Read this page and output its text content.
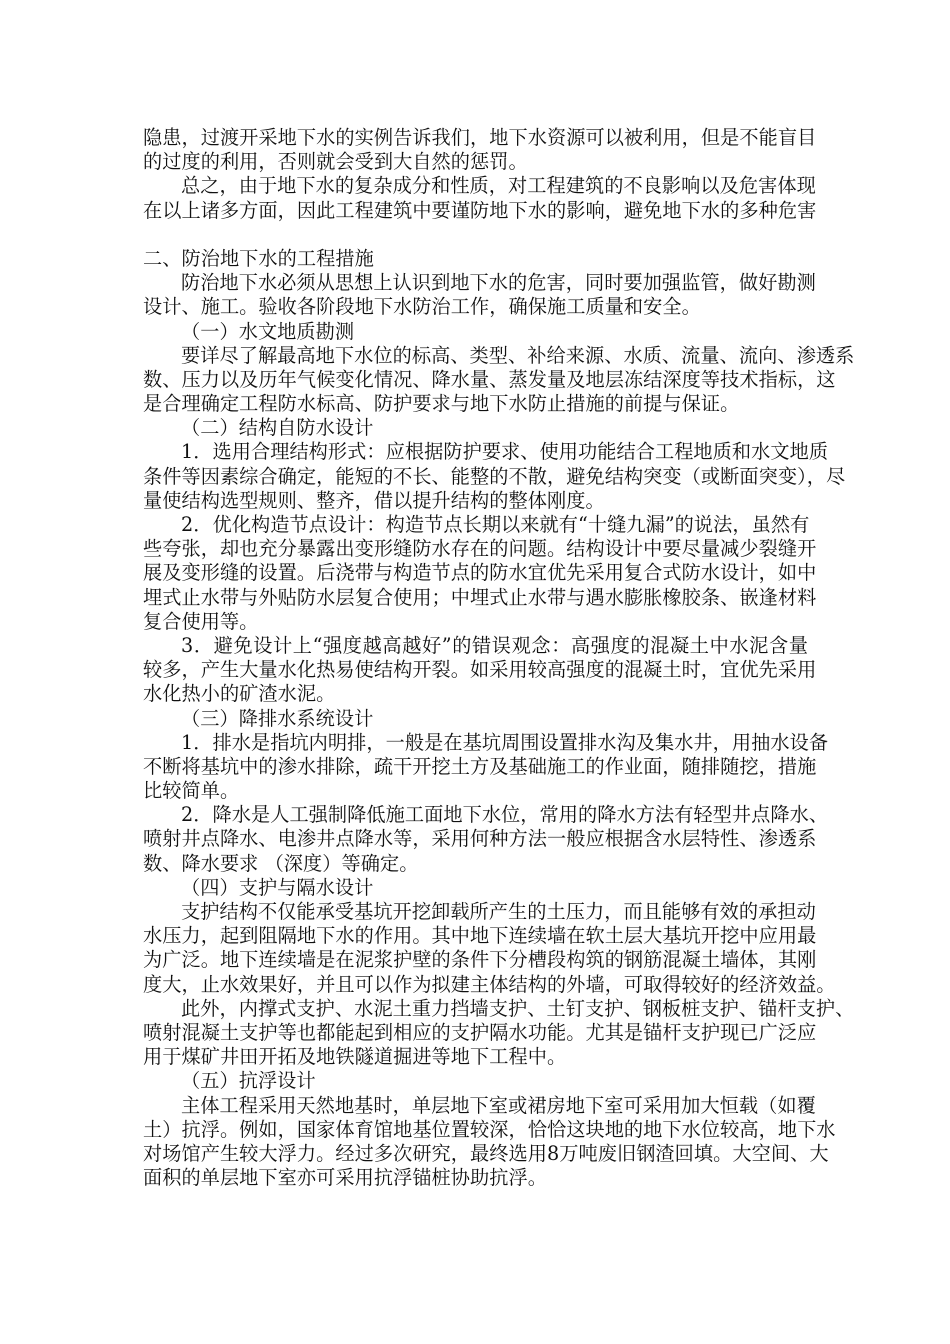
隐患，过渡开采地下水的实例告诉我们，地下水资源可以被利用，但是不能盲目
的过度的利用，否则就会受到大自然的惩罚。
总之，由于地下水的复杂成分和性质，对工程建筑的不良影响以及危害体现
在以上诸多方面，因此工程建筑中要谨防地下水的影响，避免地下水的多种危害
二、防治地下水的工程措施
防治地下水必须从思想上认识到地下水的危害，同时要加强监管，做好勘测
设计、施工。验收各阶段地下水防治工作，确保施工质量和安全。
（一）水文地质勘测
要详尽了解最高地下水位的标高、类型、补给来源、水质、流量、流向、渗透系
数、压力以及历年气候变化情况、降水量、蒸发量及地层冻结深度等技术指标，这
是合理确定工程防水标高、防护要求与地下水防止措施的前提与保证。
（二）结构自防水设计
1．选用合理结构形式：应根据防护要求、使用功能结合工程地质和水文地质
条件等因素综合确定，能短的不长、能整的不散，避免结构突变（或断面突变），尽
量使结构选型规则、整齐，借以提升结构的整体刚度。
2．优化构造节点设计：构造节点长期以来就有“十缝九漏”的说法，虽然有
些夸张，却也充分暴露出变形缝防水存在的问题。结构设计中要尽量减少裂缝开
展及变形缝的设置。后浇带与构造节点的防水宜优先采用复合式防水设计，如中
埋式止水带与外贴防水层复合使用；中埋式止水带与遇水膨胀橡胶条、嵌逢材料
复合使用等。
3．避免设计上“强度越高越好”的错误观念：高强度的混凝土中水泥含量
较多，产生大量水化热易使结构开裂。如采用较高强度的混凝土时，宜优先采用
水化热小的矿渣水泥。
（三）降排水系统设计
1．排水是指坑内明排，一般是在基坑周围设置排水沟及集水井，用抽水设备
不断将基坑中的渗水排除，疏干开挖土方及基础施工的作业面，随排随挖，措施
比较简单。
2．降水是人工强制降低施工面地下水位，常用的降水方法有轻型井点降水、
喷射井点降水、电渗井点降水等，采用何种方法一般应根据含水层特性、渗透系
数、降水要求 （深度）等确定。
（四）支护与隔水设计
支护结构不仅能承受基坑开挖卸载所产生的土压力，而且能够有效的承担动
水压力，起到阻隔地下水的作用。其中地下连续墙在软土层大基坑开挖中应用最
为广泛。地下连续墙是在泥浆护壁的条件下分槽段构筑的钢筋混凝土墙体，其刚
度大，止水效果好，并且可以作为拟建主体结构的外墙，可取得较好的经济效益。
此外，内撑式支护、水泥土重力挡墙支护、土钉支护、钢板桩支护、锚杆支护、
喷射混凝土支护等也都能起到相应的支护隔水功能。尤其是锚杆支护现已广泛应
用于煤矿井田开拓及地铁隧道掘进等地下工程中。
（五）抗浮设计
主体工程采用天然地基时，单层地下室或裙房地下室可采用加大恒载（如覆
土）抗浮。例如，国家体育馆地基位置较深，恰恰这块地的地下水位较高，地下水
对场馆产生较大浮力。经过多次研究，最终选用8万吨废旧钢渣回填。大空间、大
面积的单层地下室亦可采用抗浮锚桩协助抗浮。
